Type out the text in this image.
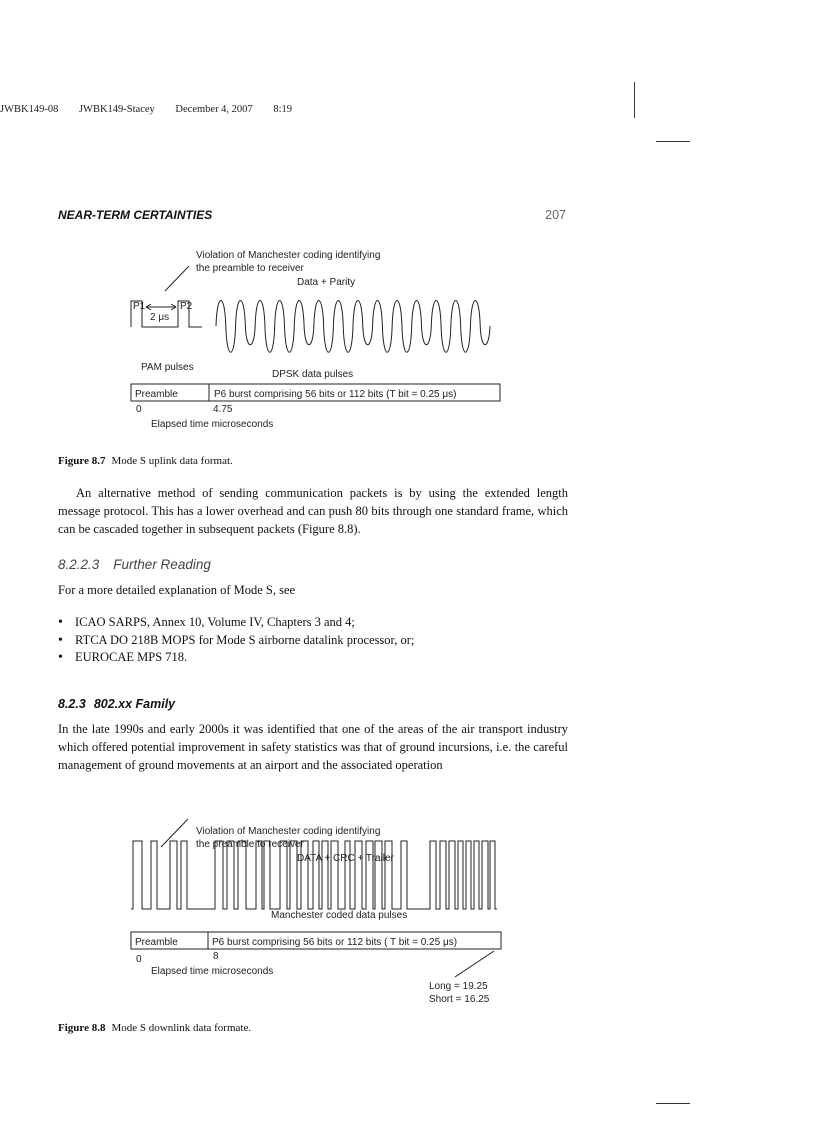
JWBK149-08 JWBK149-Stacey December 4, 2007 8:19
NEAR-TERM CERTAINTIES	207
Violation of Manchester coding identifying
the preamble to receiver
Data + Parity
P1	P2
2 μs
PAM pulses
DPSK data pulses
Preamble	P6 burst comprising 56 bits or 112 bits (T bit = 0.25 μs)
0	4.75
Elapsed time microseconds
Figure 8.7 Mode S uplink data format.
An alternative method of sending communication packets is by using the extended length message protocol. This has a lower overhead and can push 80 bits through one standard frame, which can be cascaded together in subsequent packets (Figure 8.8).
8.2.2.3 Further Reading
For a more detailed explanation of Mode S, see
• ICAO SARPS, Annex 10, Volume IV, Chapters 3 and 4;
• RTCA DO 218B MOPS for Mode S airborne datalink processor, or;
• EUROCAE MPS 718.
8.2.3 802.xx Family
In the late 1990s and early 2000s it was identified that one of the areas of the air transport industry which offered potential improvement in safety statistics was that of ground incursions, i.e. the careful management of ground movements at an airport and the associated operation
Violation of Manchester coding identifying
the preamble to receiver
DATA + CRC + Trailer
Manchester coded data pulses
Preamble	P6 burst comprising 56 bits or 112 bits ( T bit = 0.25 μs)
0	8
Elapsed time microseconds
Long = 19.25
Short = 16.25
Figure 8.8 Mode S downlink data formate.
